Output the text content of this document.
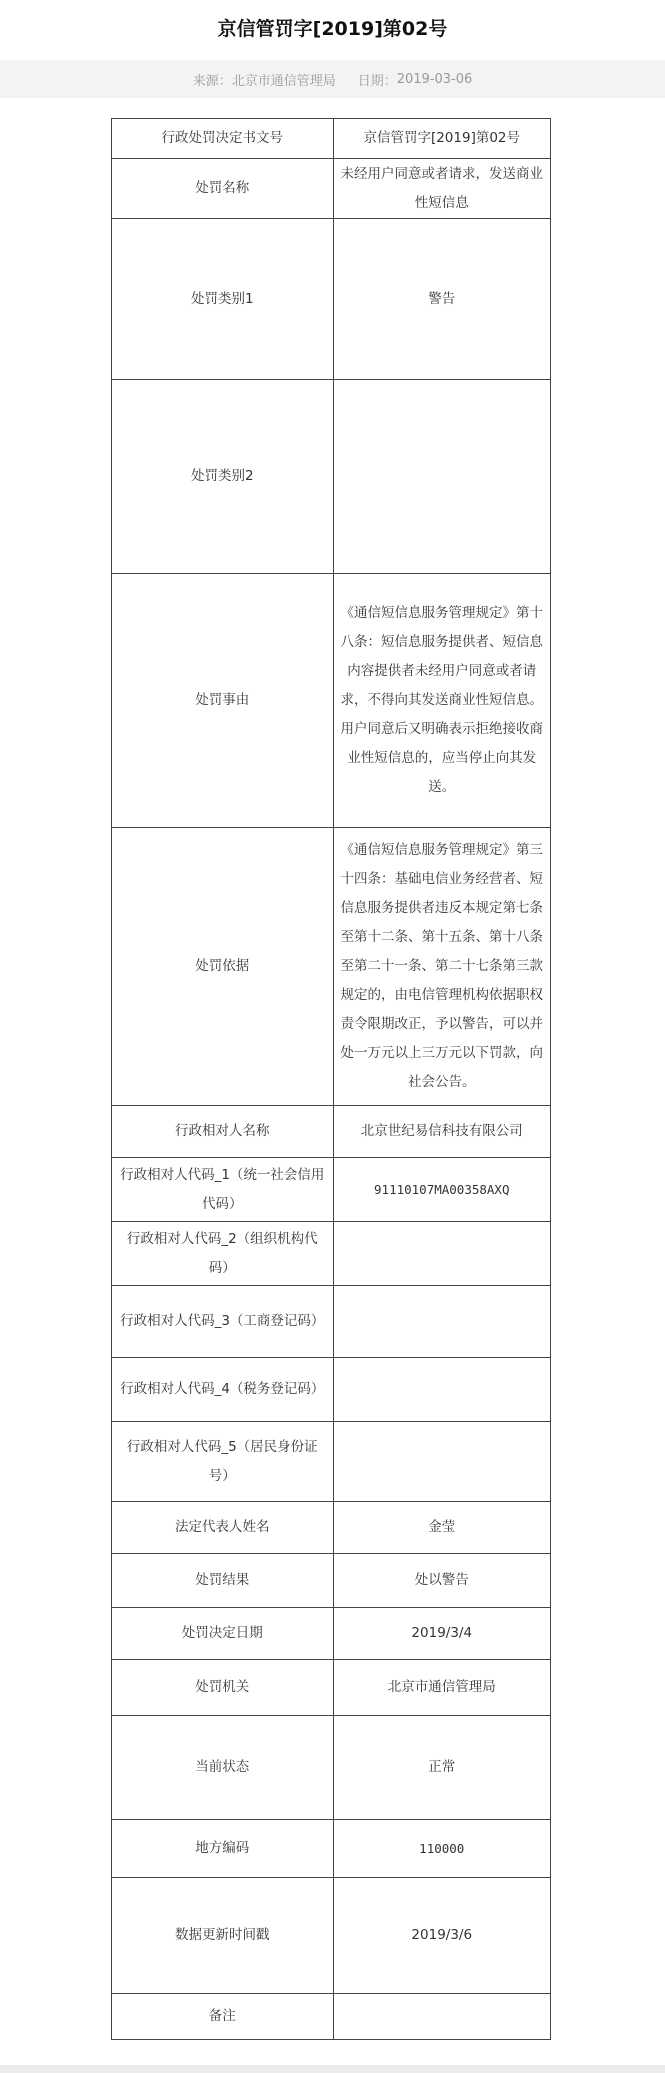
京信管罚字[2019]第02号
来源： 北京市通信管理局 日期： 2019-03-06
行政处罚决定书文号	京信管罚字[2019]第02号
处罚名称	未经用户同意或者请求，发送商业性短信息
处罚类别1	警告
处罚类别2	
处罚事由	《通信短信息服务管理规定》第十八条：短信息服务提供者、短信息内容提供者未经用户同意或者请求，不得向其发送商业性短信息。用户同意后又明确表示拒绝接收商业性短信息的，应当停止向其发送。
处罚依据	《通信短信息服务管理规定》第三十四条：基础电信业务经营者、短信息服务提供者违反本规定第七条至第十二条、第十五条、第十八条至第二十一条、第二十七条第三款规定的，由电信管理机构依据职权责令限期改正，予以警告，可以并处一万元以上三万元以下罚款，向社会公告。
行政相对人名称	北京世纪易信科技有限公司
行政相对人代码_1（统一社会信用代码）	91110107MA00358AXQ
行政相对人代码_2（组织机构代码）	
行政相对人代码_3（工商登记码）	
行政相对人代码_4（税务登记码）	
行政相对人代码_5（居民身份证号）	
法定代表人姓名	金莹
处罚结果	处以警告
处罚决定日期	2019/3/4
处罚机关	北京市通信管理局
当前状态	正常
地方编码	110000
数据更新时间戳	2019/3/6
备注	
